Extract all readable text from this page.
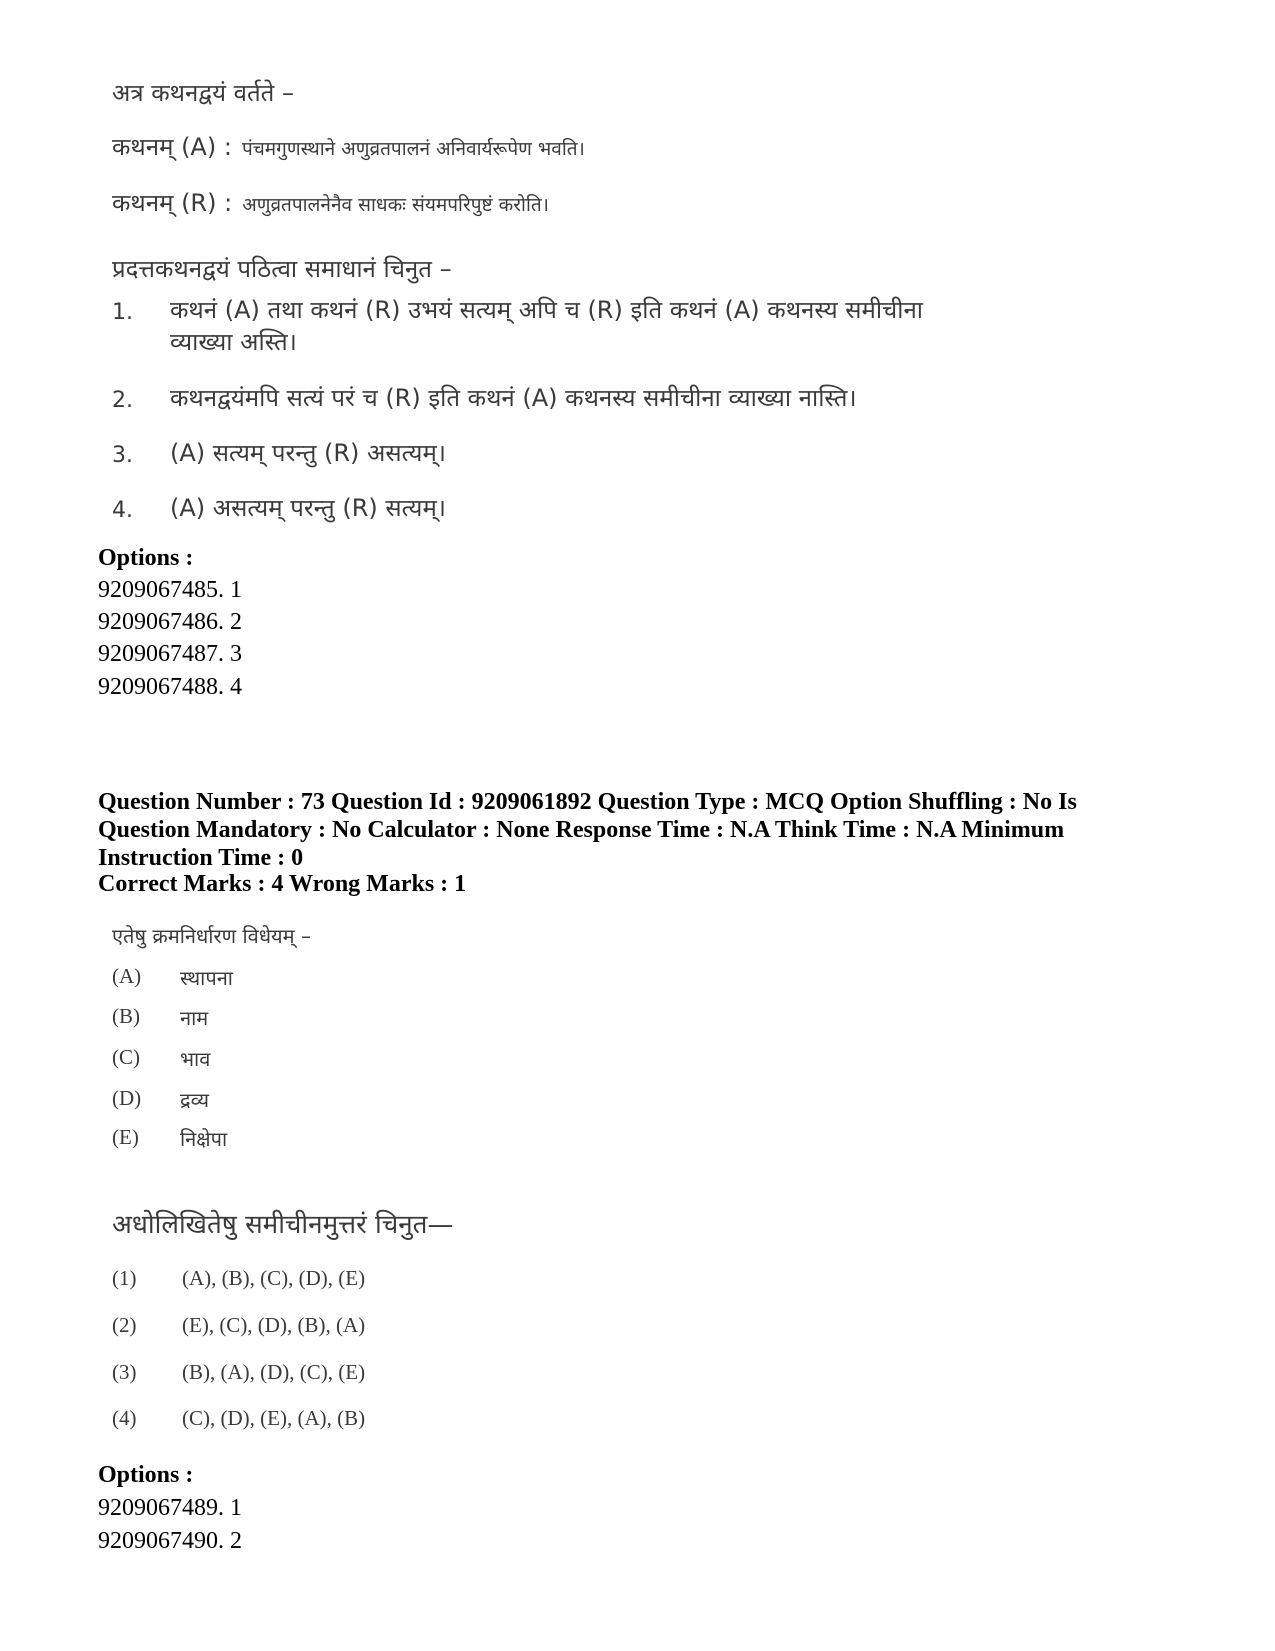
अत्र कथनद्वयं वर्तते –
कथनम् (A) : पंचमगुणस्थाने अणुव्रतपालनं अनिवार्यरूपेण भवति।
कथनम् (R) : अणुव्रतपालनेनैव साधकः संयमपरिपुष्टं करोति।
प्रदत्तकथनद्वयं पठित्वा समाधानं चिनुत –
1.	कथनं (A) तथा कथनं (R) उभयं सत्यम् अपि च (R) इति कथनं (A) कथनस्य समीचीना व्याख्या अस्ति।
2.	कथनद्वयंमपि सत्यं परं च (R) इति कथनं (A) कथनस्य समीचीना व्याख्या नास्ति।
3.	(A) सत्यम् परन्तु (R) असत्यम्।
4.	(A) असत्यम् परन्तु (R) सत्यम्।
Options :
9209067485. 1
9209067486. 2
9209067487. 3
9209067488. 4
Question Number : 73 Question Id : 9209061892 Question Type : MCQ Option Shuffling : No Is Question Mandatory : No Calculator : None Response Time : N.A Think Time : N.A Minimum Instruction Time : 0
Correct Marks : 4 Wrong Marks : 1
एतेषु क्रमनिर्धारण विधेयम् –
(A) स्थापना
(B) नाम
(C) भाव
(D) द्रव्य
(E) निक्षेपा
अधोलिखितेषु समीचीनमुत्तरं चिनुत—
(1) (A), (B), (C), (D), (E)
(2) (E), (C), (D), (B), (A)
(3) (B), (A), (D), (C), (E)
(4) (C), (D), (E), (A), (B)
Options :
9209067489. 1
9209067490. 2
